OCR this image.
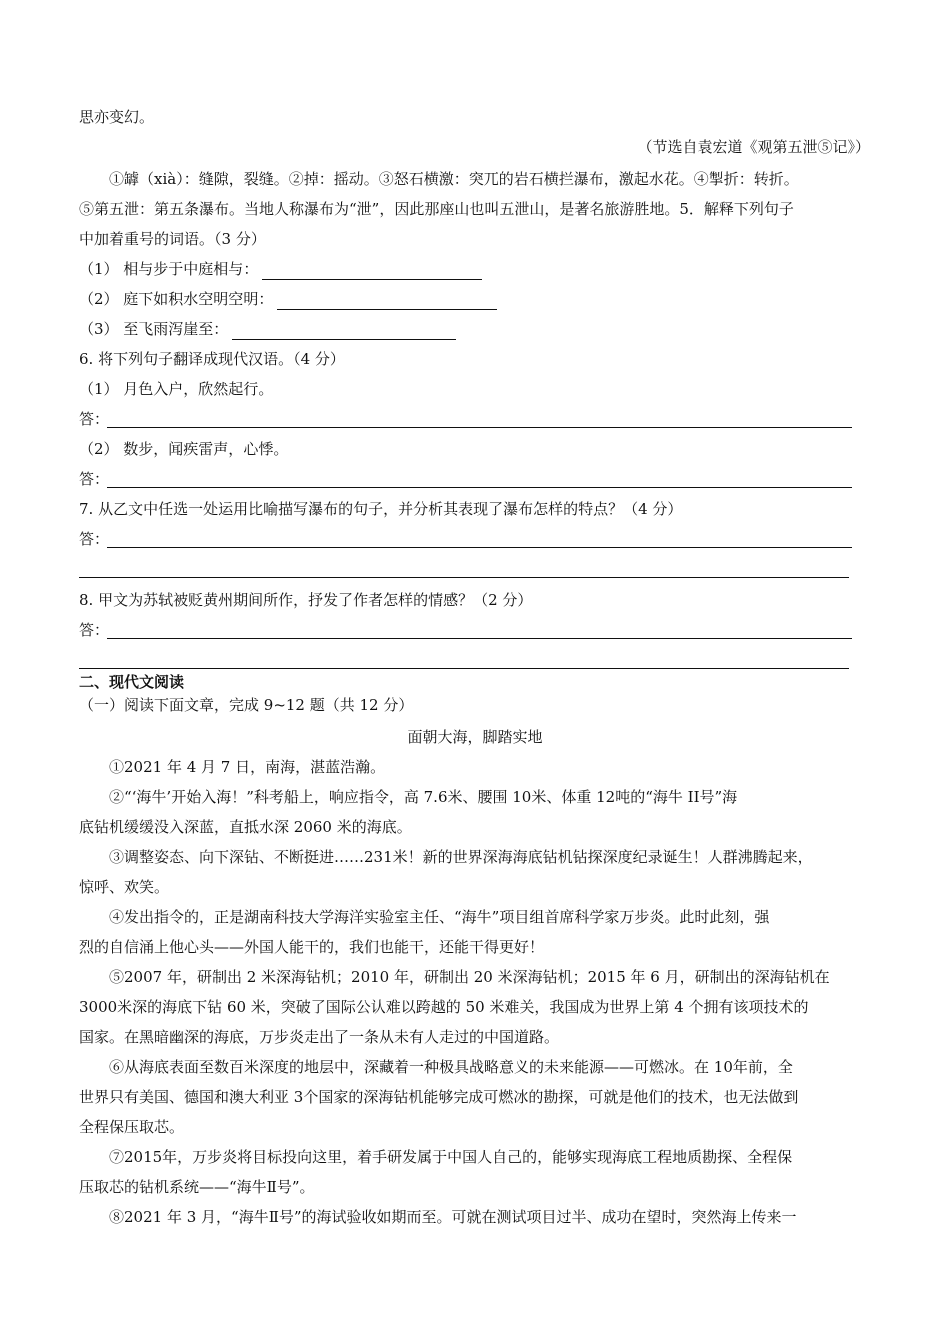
思亦变幻。
（节选自袁宏道《观第五泄⑤记》）
①罅（xià）：缝隙，裂缝。②掉：摇动。③怒石横激：突兀的岩石横拦瀑布，激起水花。④掣折：转折。
⑤第五泄：第五条瀑布。当地人称瀑布为“泄”，因此那座山也叫五泄山，是著名旅游胜地。5．解释下列句子
中加着重号的词语。（3 分）
（1） 相与步于中庭相与：
（2） 庭下如积水空明空明：
（3） 至飞雨泻崖至：
6. 将下列句子翻译成现代汉语。（4 分）
（1） 月色入户，欣然起行。
答：
（2） 数步，闻疾雷声，心悸。
答：
7. 从乙文中任选一处运用比喻描写瀑布的句子，并分析其表现了瀑布怎样的特点？（4 分）
答：
8. 甲文为苏轼被贬黄州期间所作，抒发了作者怎样的情感？（2 分）
答：
二、现代文阅读
（一）阅读下面文章，完成 9~12 题（共 12 分）
面朝大海，脚踏实地
①2021 年 4 月 7 日，南海，湛蓝浩瀚。
②“‘海牛’开始入海！”科考船上，响应指令，高 7.6米、腰围 10米、体重 12吨的“海牛 II号”海
底钻机缓缓没入深蓝，直抵水深 2060 米的海底。
③调整姿态、向下深钻、不断挺进……231米！新的世界深海海底钻机钻探深度纪录诞生！人群沸腾起来，
惊呼、欢笑。
④发出指令的，正是湖南科技大学海洋实验室主任、“海牛”项目组首席科学家万步炎。此时此刻，强
烈的自信涌上他心头——外国人能干的，我们也能干，还能干得更好！
⑤2007 年，研制出 2 米深海钻机；2010 年，研制出 20 米深海钻机；2015 年 6 月，研制出的深海钻机在
3000米深的海底下钻 60 米，突破了国际公认难以跨越的 50 米难关，我国成为世界上第 4 个拥有该项技术的
国家。在黑暗幽深的海底，万步炎走出了一条从未有人走过的中国道路。
⑥从海底表面至数百米深度的地层中，深藏着一种极具战略意义的未来能源——可燃冰。在 10年前，全
世界只有美国、德国和澳大利亚 3个国家的深海钻机能够完成可燃冰的勘探，可就是他们的技术，也无法做到
全程保压取芯。
⑦2015年，万步炎将目标投向这里，着手研发属于中国人自己的，能够实现海底工程地质勘探、全程保
压取芯的钻机系统——“海牛Ⅱ号”。
⑧2021 年 3 月，“海牛Ⅱ号”的海试验收如期而至。可就在测试项目过半、成功在望时，突然海上传来一
